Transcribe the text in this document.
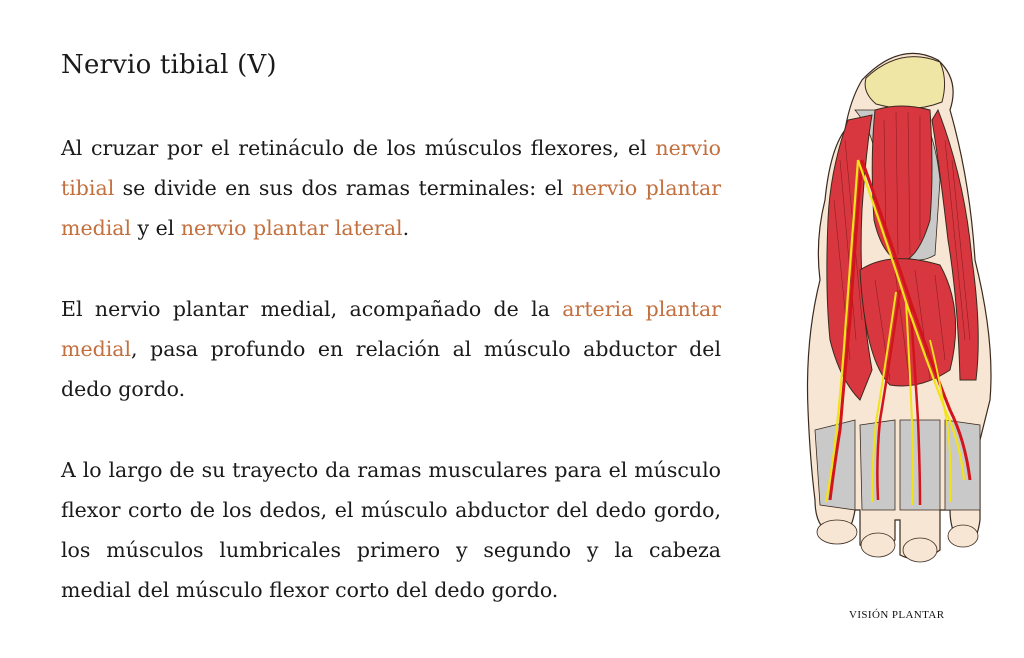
Nervio tibial (V)

Al cruzar por el retináculo de los músculos flexores, el nervio tibial se divide en sus dos ramas terminales: el nervio plantar medial y el nervio plantar lateral.

El nervio plantar medial, acompañado de la arteria plantar medial, pasa profundo en relación al músculo abductor del dedo gordo.

A lo largo de su trayecto da ramas musculares para el músculo flexor corto de los dedos, el músculo abductor del dedo gordo, los músculos lumbricales primero y segundo y la cabeza medial del músculo flexor corto del dedo gordo.

VISIÓN PLANTAR
